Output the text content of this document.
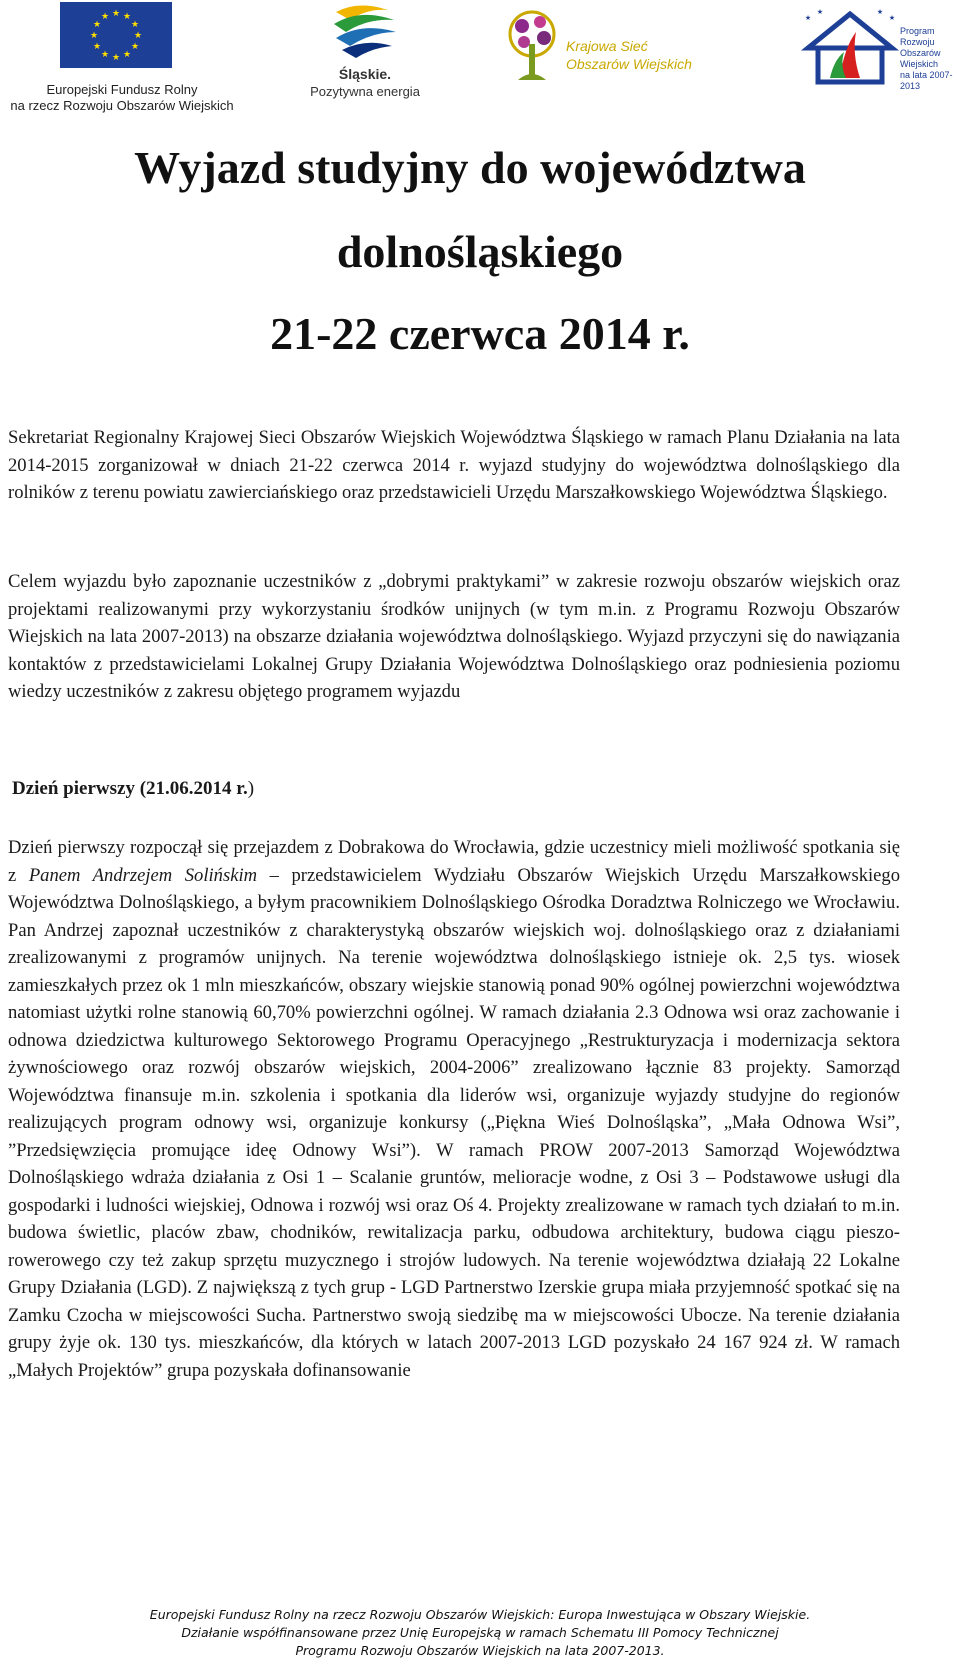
★ ★
★
★
★
★
★
★
★
★
★
★
Europejski Fundusz Rolny
na rzecz Rozwoju Obszarów Wiejskich
Śląskie.
Pozytywna energia
Krajowa Sieć
Obszarów Wiejskich
★
★	★
★
Program
Rozwoju
Obszarów
Wiejskich
na lata 2007-2013
Wyjazd studyjny do województwa
dolnośląskiego
21-22 czerwca 2014 r.
Sekretariat Regionalny Krajowej Sieci Obszarów Wiejskich Województwa Śląskiego w ramach Planu Działania na lata 2014-2015 zorganizował w dniach 21-22 czerwca 2014 r. wyjazd studyjny do województwa dolnośląskiego dla rolników z terenu powiatu zawierciańskiego oraz przedstawicieli Urzędu Marszałkowskiego Województwa Śląskiego.
Celem wyjazdu było zapoznanie uczestników z „dobrymi praktykami” w zakresie rozwoju obszarów wiejskich oraz projektami realizowanymi przy wykorzystaniu środków unijnych (w tym m.in. z Programu Rozwoju Obszarów Wiejskich na lata 2007-2013) na obszarze działania województwa dolnośląskiego. Wyjazd przyczyni się do nawiązania kontaktów z przedstawicielami Lokalnej Grupy Działania Województwa Dolnośląskiego oraz podniesienia poziomu wiedzy uczestników z zakresu objętego programem wyjazdu
Dzień pierwszy (21.06.2014 r.)
Dzień pierwszy rozpoczął się przejazdem z Dobrakowa do Wrocławia, gdzie uczestnicy mieli możliwość spotkania się z Panem Andrzejem Solińskim – przedstawicielem Wydziału Obszarów Wiejskich Urzędu Marszałkowskiego Województwa Dolnośląskiego, a byłym pracownikiem Dolnośląskiego Ośrodka Doradztwa Rolniczego we Wrocławiu. Pan Andrzej zapoznał uczestników z charakterystyką obszarów wiejskich woj. dolnośląskiego oraz z działaniami zrealizowanymi z programów unijnych. Na terenie województwa dolnośląskiego istnieje ok. 2,5 tys. wiosek zamieszkałych przez ok 1 mln mieszkańców, obszary wiejskie stanowią ponad 90% ogólnej powierzchni województwa natomiast użytki rolne stanowią 60,70% powierzchni ogólnej. W ramach działania 2.3 Odnowa wsi oraz zachowanie i odnowa dziedzictwa kulturowego Sektorowego Programu Operacyjnego „Restrukturyzacja i modernizacja sektora żywnościowego oraz rozwój obszarów wiejskich, 2004-2006” zrealizowano łącznie 83 projekty. Samorząd Województwa finansuje m.in. szkolenia i spotkania dla liderów wsi, organizuje wyjazdy studyjne do regionów realizujących program odnowy wsi, organizuje konkursy („Piękna Wieś Dolnośląska”, „Mała Odnowa Wsi”, ”Przedsięwzięcia promujące ideę Odnowy Wsi”). W ramach PROW 2007-2013 Samorząd Województwa Dolnośląskiego wdraża działania z Osi 1 – Scalanie gruntów, melioracje wodne, z Osi 3 – Podstawowe usługi dla gospodarki i ludności wiejskiej, Odnowa i rozwój wsi oraz Oś 4. Projekty zrealizowane w ramach tych działań to m.in. budowa świetlic, placów zbaw, chodników, rewitalizacja parku, odbudowa architektury, budowa ciągu pieszo-rowerowego czy też zakup sprzętu muzycznego i strojów ludowych. Na terenie województwa działają 22 Lokalne Grupy Działania (LGD). Z największą z tych grup - LGD Partnerstwo Izerskie grupa miała przyjemność spotkać się na Zamku Czocha w miejscowości Sucha. Partnerstwo swoją siedzibę ma w miejscowości Ubocze. Na terenie działania grupy żyje ok. 130 tys. mieszkańców, dla których w latach 2007-2013 LGD pozyskało 24 167 924 zł. W ramach „Małych Projektów” grupa pozyskała dofinansowanie
Europejski Fundusz Rolny na rzecz Rozwoju Obszarów Wiejskich: Europa Inwestująca w Obszary Wiejskie.
Działanie współfinansowane przez Unię Europejską w ramach Schematu III Pomocy Technicznej
Programu Rozwoju Obszarów Wiejskich na lata 2007-2013.
